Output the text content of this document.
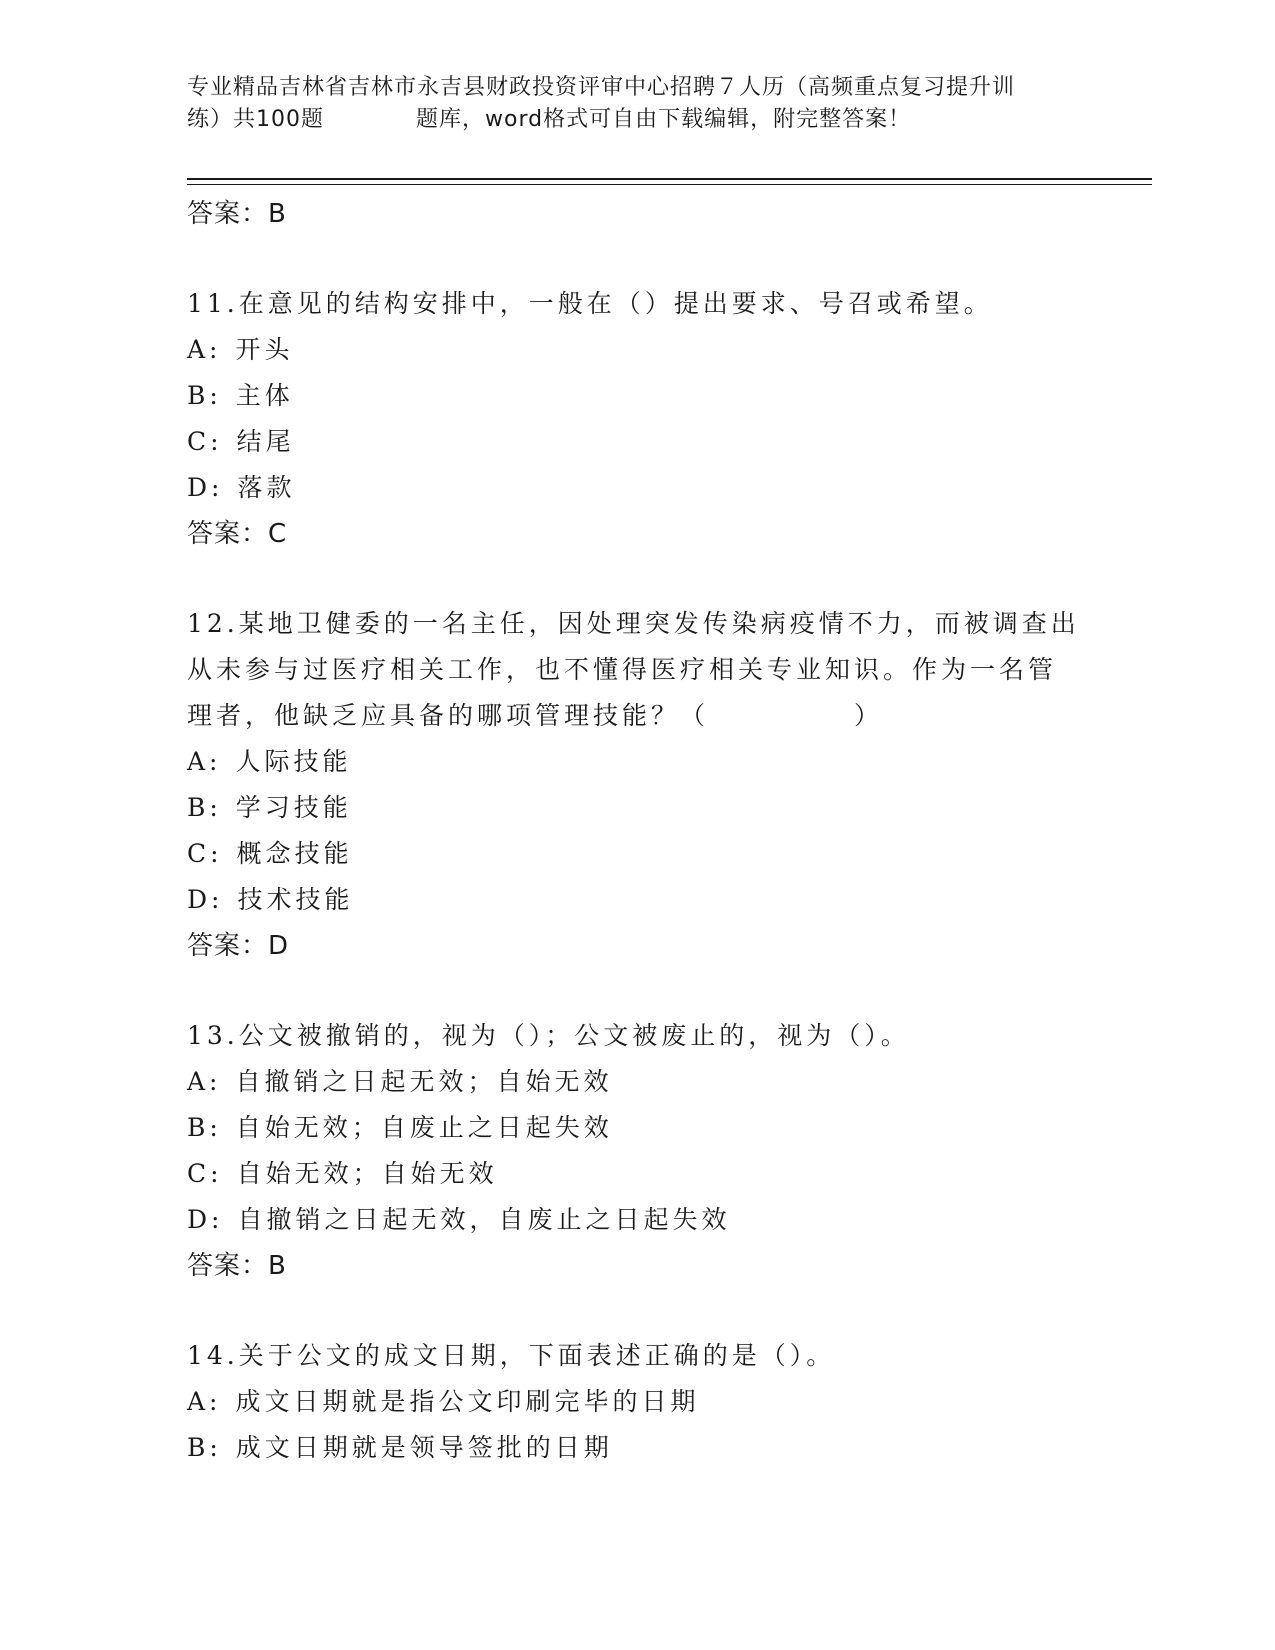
专业精品吉林省吉林市永吉县财政投资评审中心招聘７人历（高频重点复习提升训
练）共100题　　　　题库，word格式可自由下载编辑，附完整答案！
答案：B
11.在意见的结构安排中，一般在（）提出要求、号召或希望。
A: 开头
B: 主体
C: 结尾
D: 落款
答案：C
12.某地卫健委的一名主任，因处理突发传染病疫情不力，而被调查出
从未参与过医疗相关工作，也不懂得医疗相关专业知识。作为一名管
理者，他缺乏应具备的哪项管理技能？（　　　　　）
A: 人际技能
B: 学习技能
C: 概念技能
D: 技术技能
答案：D
13.公文被撤销的，视为（）；公文被废止的，视为（）。
A: 自撤销之日起无效；自始无效
B: 自始无效；自废止之日起失效
C: 自始无效；自始无效
D: 自撤销之日起无效，自废止之日起失效
答案：B
14.关于公文的成文日期，下面表述正确的是（）。
A: 成文日期就是指公文印刷完毕的日期
B: 成文日期就是领导签批的日期
